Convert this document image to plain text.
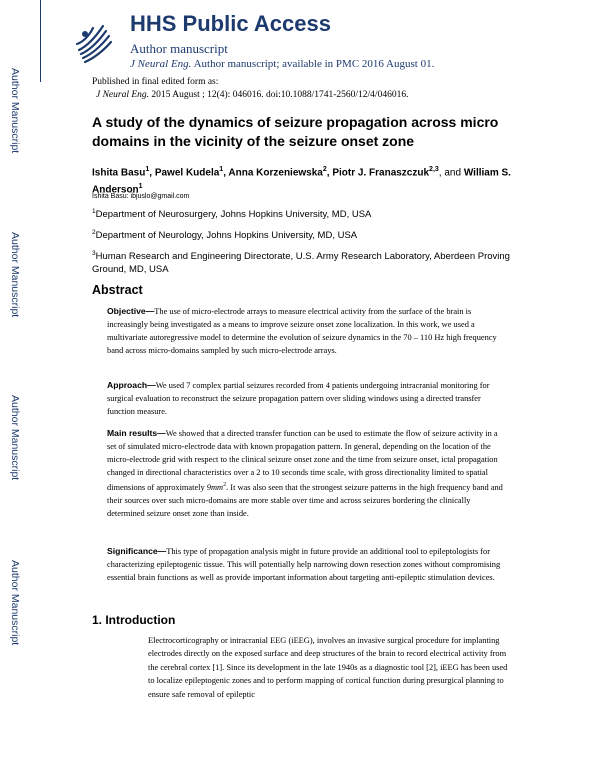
Author Manuscript
Author Manuscript
Author Manuscript
Author Manuscript
HHS Public Access
Author manuscript
J Neural Eng. Author manuscript; available in PMC 2016 August 01.
Published in final edited form as:
J Neural Eng. 2015 August ; 12(4): 046016. doi:10.1088/1741-2560/12/4/046016.
A study of the dynamics of seizure propagation across micro domains in the vicinity of the seizure onset zone
Ishita Basu$^1$, Pawel Kudela$^1$, Anna Korzeniewska$^2$, Piotr J. Franaszczuk$^{2,3}$, and William S. Anderson$^1$
Ishita Basu: ibjuslo@gmail.com
$^1$Department of Neurosurgery, Johns Hopkins University, MD, USA
$^2$Department of Neurology, Johns Hopkins University, MD, USA
$^3$Human Research and Engineering Directorate, U.S. Army Research Laboratory, Aberdeen Proving Ground, MD, USA
Abstract

Objective—The use of micro-electrode arrays to measure electrical activity from the surface of the brain is increasingly being investigated as a means to improve seizure onset zone localization. In this work, we used a multivariate autoregressive model to determine the evolution of seizure dynamics in the 70 – 110 Hz high frequency band across micro-domains sampled by such micro-electrode arrays.

Approach—We used 7 complex partial seizures recorded from 4 patients undergoing intracranial monitoring for surgical evaluation to reconstruct the seizure propagation pattern over sliding windows using a directed transfer function measure.

Main results—We showed that a directed transfer function can be used to estimate the flow of seizure activity in a set of simulated micro-electrode data with known propagation pattern. In general, depending on the location of the micro-electrode grid with respect to the clinical seizure onset zone and the time from seizure onset, ictal propagation changed in directional characteristics over a 2 to 10 seconds time scale, with gross directionality limited to spatial dimensions of approximately $9mm^2$. It was also seen that the strongest seizure patterns in the high frequency band and their sources over such micro-domains are more stable over time and across seizures bordering the clinically determined seizure onset zone than inside.

Significance—This type of propagation analysis might in future provide an additional tool to epileptologists for characterizing epileptogenic tissue. This will potentially help narrowing down resection zones without compromising essential brain functions as well as provide important information about targeting anti-epileptic stimulation devices.

1. Introduction

Electrocorticography or intracranial EEG (iEEG), involves an invasive surgical procedure for implanting electrodes directly on the exposed surface and deep structures of the brain to record electrical activity from the cerebral cortex [1]. Since its development in the late 1940s as a diagnostic tool [2], iEEG has been used to localize epileptogenic zones and to perform mapping of cortical function during presurgical planning to ensure safe removal of epileptic
